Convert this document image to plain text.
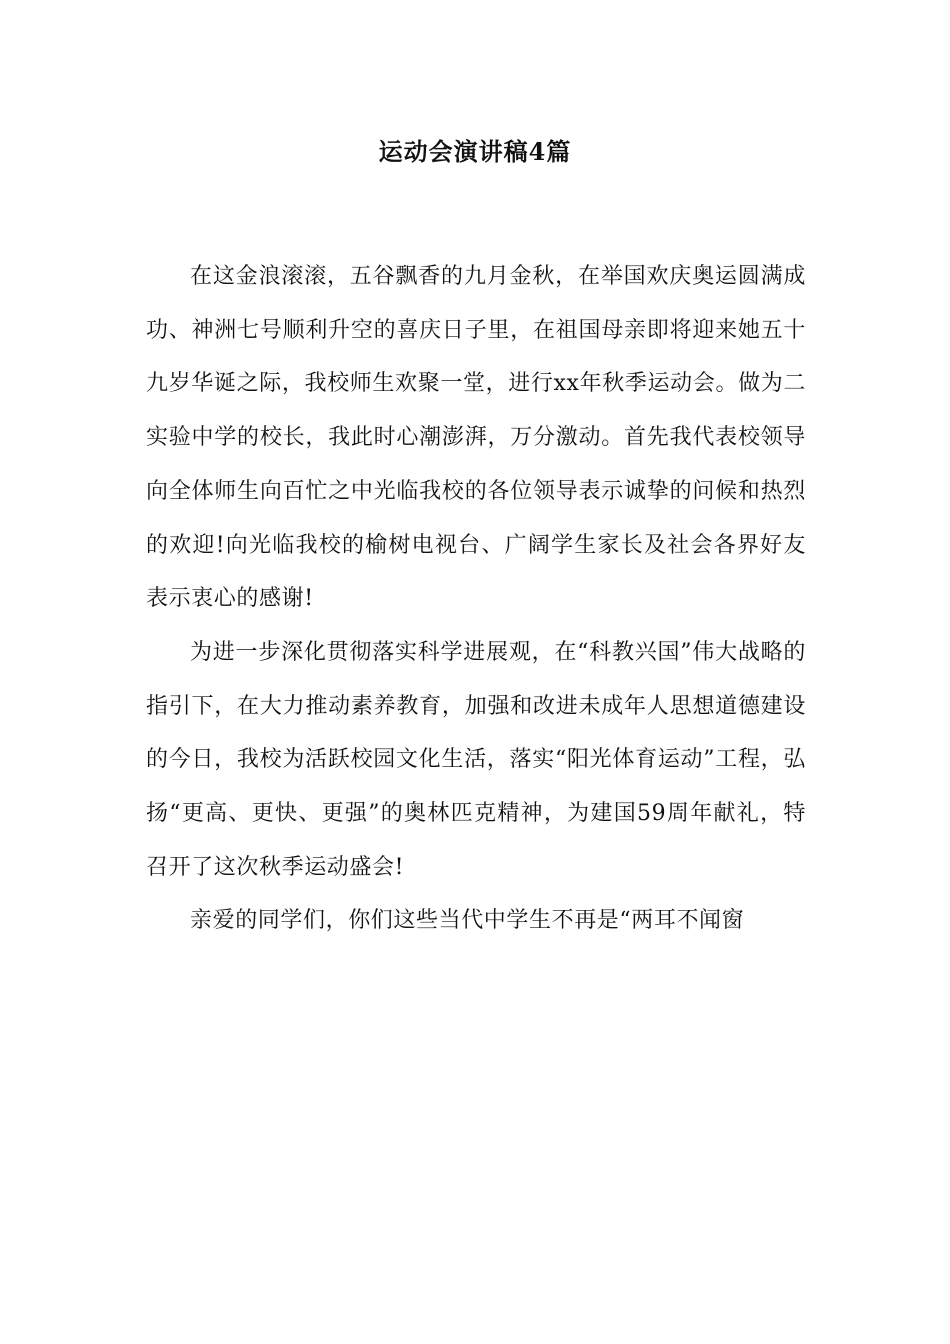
运动会演讲稿4篇

在这金浪滚滚，五谷飘香的九月金秋，在举国欢庆奥运圆满成功、神洲七号顺利升空的喜庆日子里，在祖国母亲即将迎来她五十九岁华诞之际，我校师生欢聚一堂，进行xx年秋季运动会。做为二实验中学的校长，我此时心潮澎湃，万分激动。首先我代表校领导向全体师生向百忙之中光临我校的各位领导表示诚挚的问候和热烈的欢迎!向光临我校的榆树电视台、广阔学生家长及社会各界好友表示衷心的感谢!

为进一步深化贯彻落实科学进展观，在“科教兴国”伟大战略的指引下，在大力推动素养教育，加强和改进未成年人思想道德建设的今日，我校为活跃校园文化生活，落实“阳光体育运动”工程，弘扬“更高、更快、更强”的奥林匹克精神，为建国59周年献礼，特召开了这次秋季运动盛会!

亲爱的同学们，你们这些当代中学生不再是“两耳不闻窗
